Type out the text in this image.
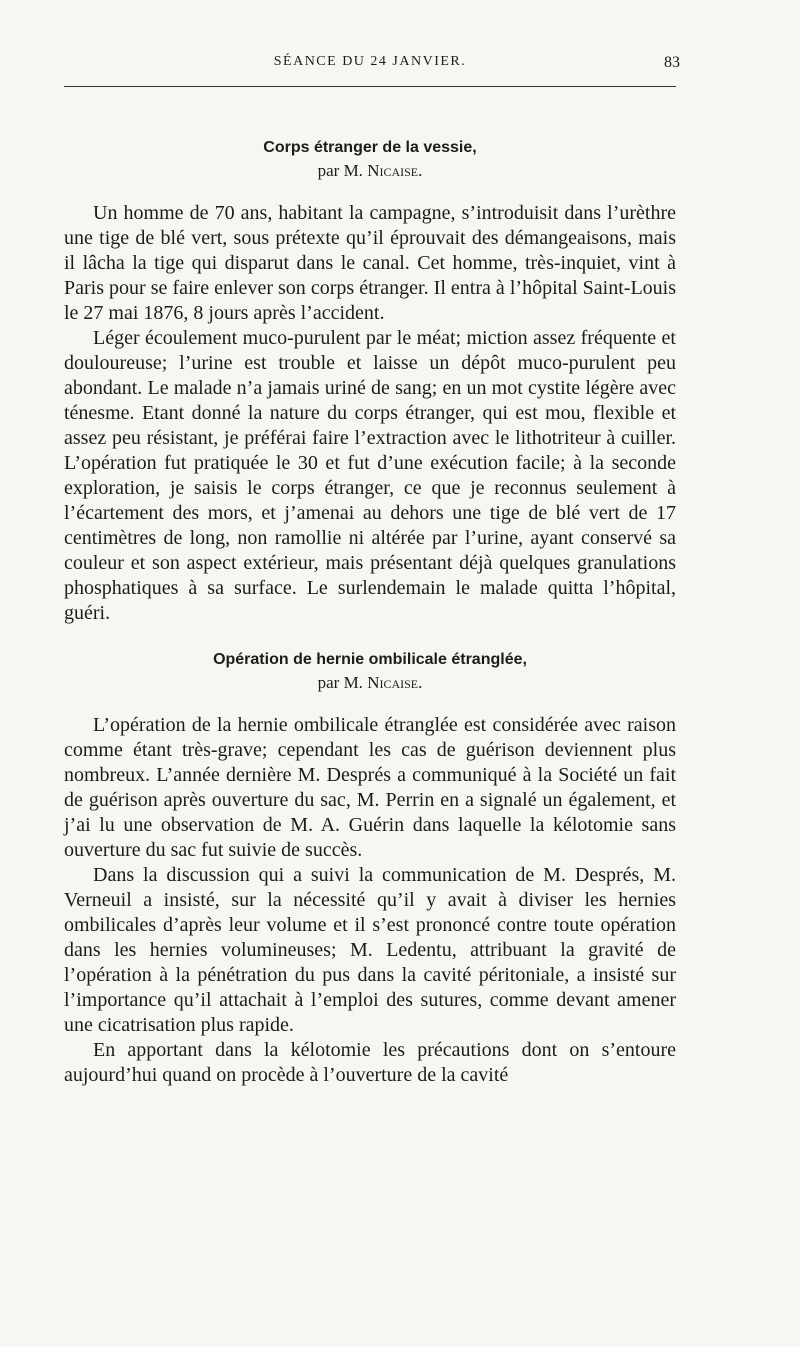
SÉANCE DU 24 JANVIER.	83
Corps étranger de la vessie,

par M. Nicaise.

Un homme de 70 ans, habitant la campagne, s’introduisit dans l’urèthre une tige de blé vert, sous prétexte qu’il éprouvait des démangeaisons, mais il lâcha la tige qui disparut dans le canal. Cet homme, très-inquiet, vint à Paris pour se faire enlever son corps étranger. Il entra à l’hôpital Saint-Louis le 27 mai 1876, 8 jours après l’accident.

Léger écoulement muco-purulent par le méat; miction assez fréquente et douloureuse; l’urine est trouble et laisse un dépôt muco-purulent peu abondant. Le malade n’a jamais uriné de sang; en un mot cystite légère avec ténesme. Etant donné la nature du corps étranger, qui est mou, flexible et assez peu résistant, je préférai faire l’extraction avec le lithotriteur à cuiller. L’opération fut pratiquée le 30 et fut d’une exécution facile; à la seconde exploration, je saisis le corps étranger, ce que je reconnus seulement à l’écartement des mors, et j’amenai au dehors une tige de blé vert de 17 centimètres de long, non ramollie ni altérée par l’urine, ayant conservé sa couleur et son aspect extérieur, mais présentant déjà quelques granulations phosphatiques à sa surface. Le surlendemain le malade quitta l’hôpital, guéri.

Opération de hernie ombilicale étranglée,

par M. Nicaise.

L’opération de la hernie ombilicale étranglée est considérée avec raison comme étant très-grave; cependant les cas de guérison deviennent plus nombreux. L’année dernière M. Després a communiqué à la Société un fait de guérison après ouverture du sac, M. Perrin en a signalé un également, et j’ai lu une observation de M. A. Guérin dans laquelle la kélotomie sans ouverture du sac fut suivie de succès.

Dans la discussion qui a suivi la communication de M. Després, M. Verneuil a insisté, sur la nécessité qu’il y avait à diviser les hernies ombilicales d’après leur volume et il s’est prononcé contre toute opération dans les hernies volumineuses; M. Ledentu, attribuant la gravité de l’opération à la pénétration du pus dans la cavité péritoniale, a insisté sur l’importance qu’il attachait à l’emploi des sutures, comme devant amener une cicatrisation plus rapide.

En apportant dans la kélotomie les précautions dont on s’entoure aujourd’hui quand on procède à l’ouverture de la cavité
